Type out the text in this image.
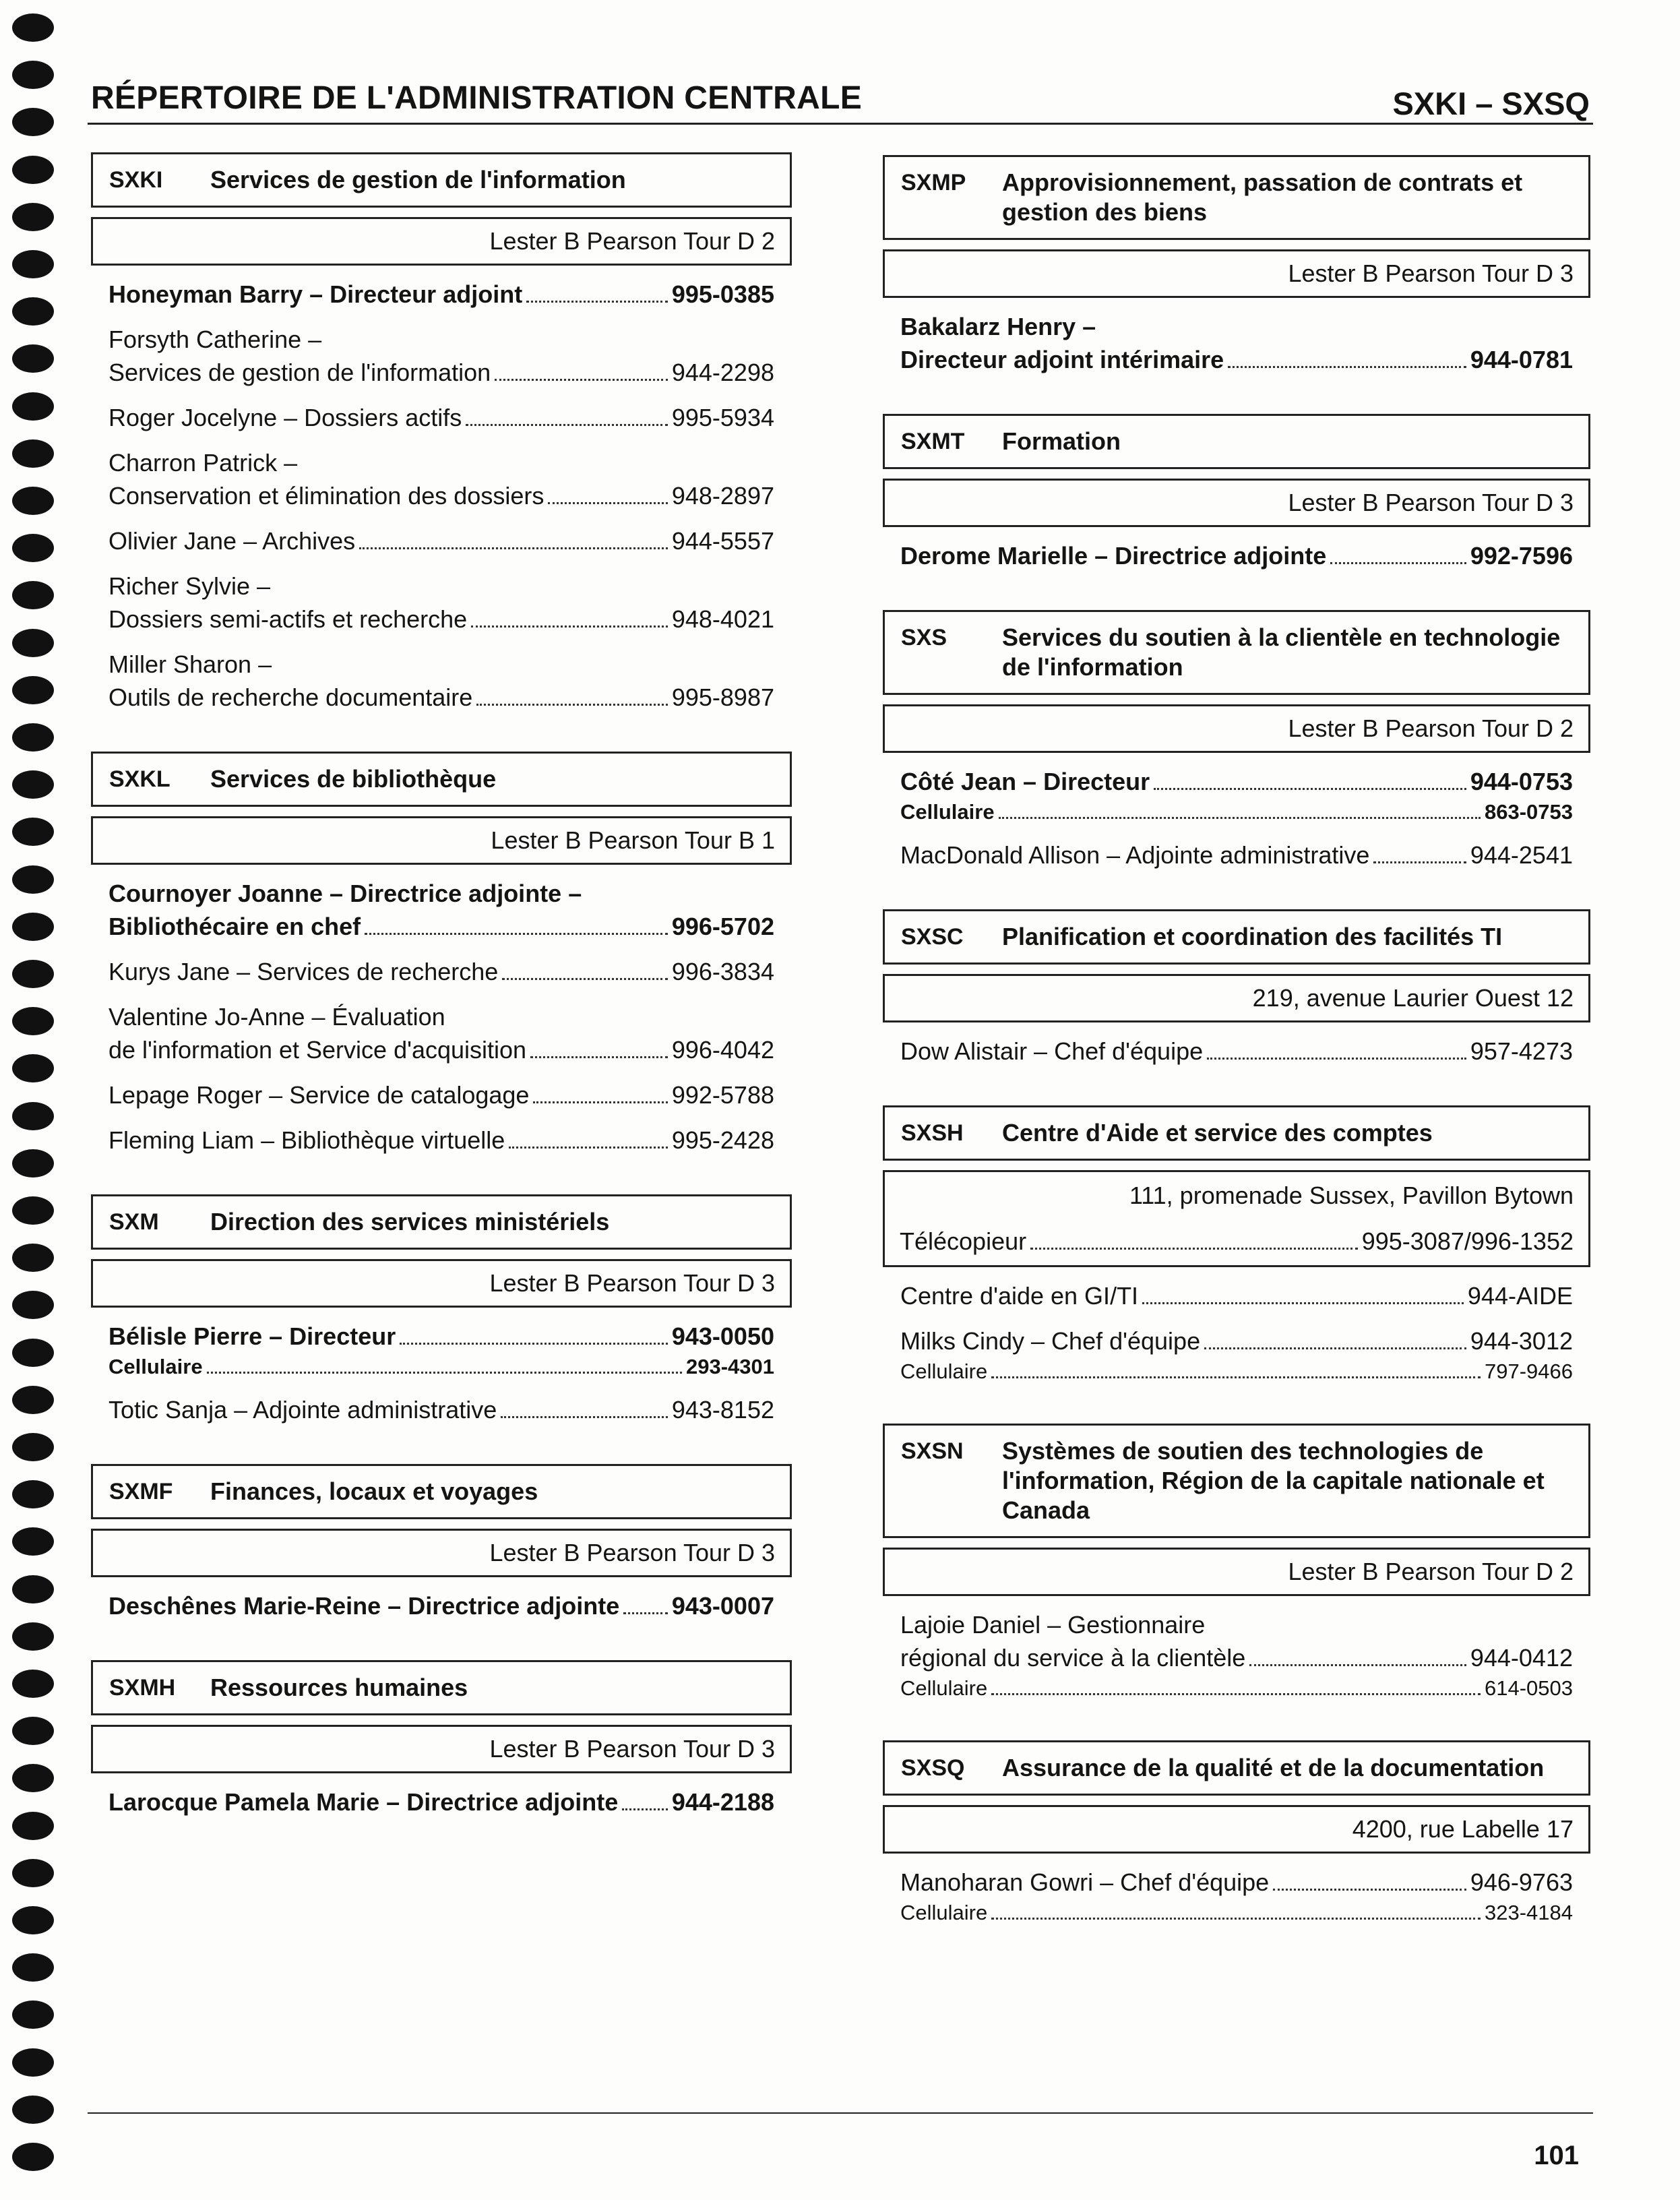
RÉPERTOIRE DE L'ADMINISTRATION CENTRALE	SXKI – SXSQ
SXKI	Services de gestion de l'information
Lester B Pearson Tour D 2
Honeyman Barry – Directeur adjoint	995-0385
Forsyth Catherine –
Services de gestion de l'information	944-2298
Roger Jocelyne – Dossiers actifs	995-5934
Charron Patrick –
Conservation et élimination des dossiers	948-2897
Olivier Jane – Archives	944-5557
Richer Sylvie –
Dossiers semi-actifs et recherche	948-4021
Miller Sharon –
Outils de recherche documentaire	995-8987
SXKL	Services de bibliothèque
Lester B Pearson Tour B 1
Cournoyer Joanne – Directrice adjointe –
Bibliothécaire en chef	996-5702
Kurys Jane – Services de recherche	996-3834
Valentine Jo-Anne – Évaluation
de l'information et Service d'acquisition	996-4042
Lepage Roger – Service de catalogage	992-5788
Fleming Liam – Bibliothèque virtuelle	995-2428
SXM	Direction des services ministériels
Lester B Pearson Tour D 3
Bélisle Pierre – Directeur	943-0050
Cellulaire	293-4301
Totic Sanja – Adjointe administrative	943-8152
SXMF	Finances, locaux et voyages
Lester B Pearson Tour D 3
Deschênes Marie-Reine – Directrice adjointe 943-0007
SXMH	Ressources humaines
Lester B Pearson Tour D 3
Larocque Pamela Marie – Directrice adjointe 944-2188
SXMP	Approvisionnement, passation de contrats et gestion des biens
Lester B Pearson Tour D 3
Bakalarz Henry –
Directeur adjoint intérimaire	944-0781
SXMT	Formation
Lester B Pearson Tour D 3
Derome Marielle – Directrice adjointe	992-7596
SXS	Services du soutien à la clientèle en technologie de l'information
Lester B Pearson Tour D 2
Côté Jean – Directeur	944-0753
Cellulaire	863-0753
MacDonald Allison – Adjointe administrative	944-2541
SXSC	Planification et coordination des facilités TI
219, avenue Laurier Ouest 12
Dow Alistair – Chef d'équipe	957-4273
SXSH	Centre d'Aide et service des comptes
111, promenade Sussex, Pavillon Bytown
Télécopieur	995-3087/996-1352
Centre d'aide en GI/TI	944-AIDE
Milks Cindy – Chef d'équipe	944-3012
Cellulaire	797-9466
SXSN	Systèmes de soutien des technologies de l'information, Région de la capitale nationale et Canada
Lester B Pearson Tour D 2
Lajoie Daniel – Gestionnaire
régional du service à la clientèle	944-0412
Cellulaire	614-0503
SXSQ	Assurance de la qualité et de la documentation
4200, rue Labelle 17
Manoharan Gowri – Chef d'équipe	946-9763
Cellulaire	323-4184
101
